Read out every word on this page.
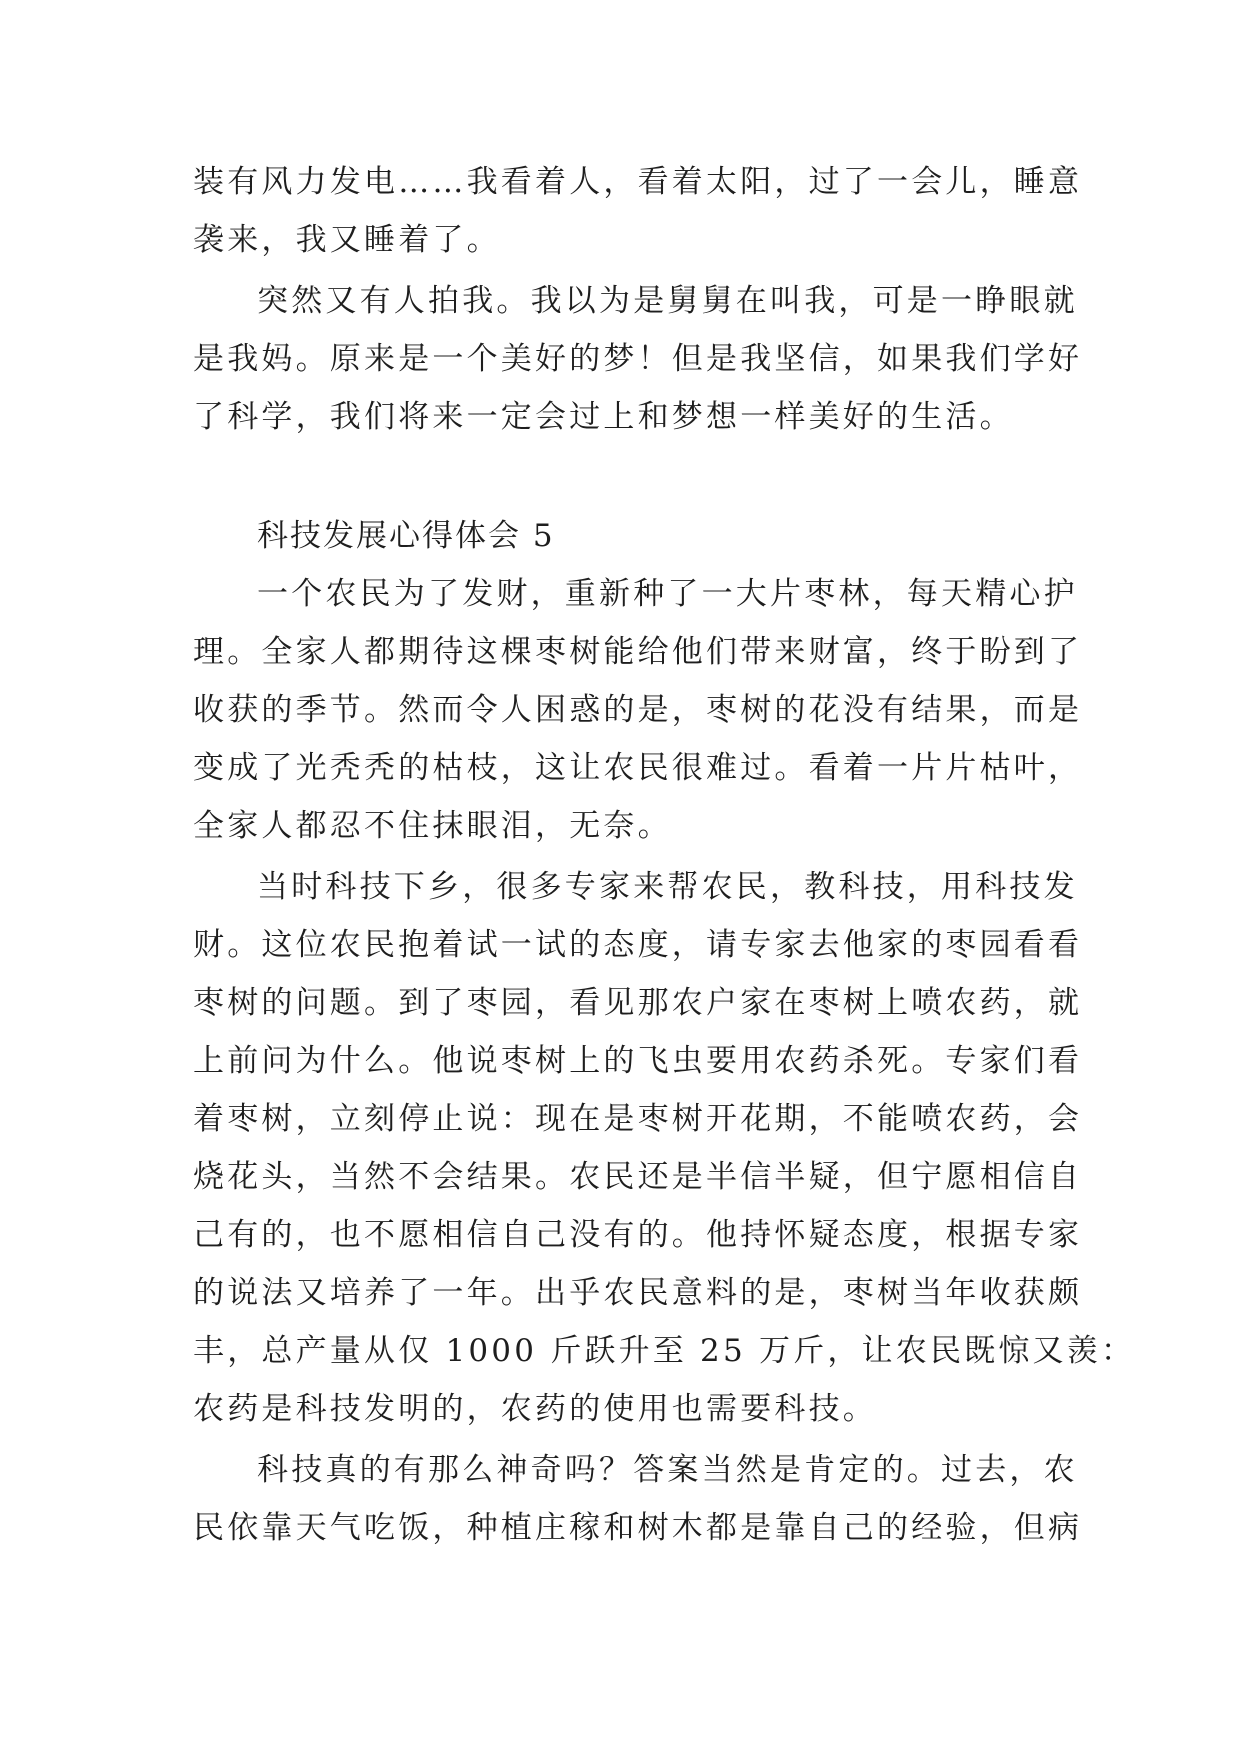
装有风力发电……我看着人，看着太阳，过了一会儿，睡意
袭来，我又睡着了。
突然又有人拍我。我以为是舅舅在叫我，可是一睁眼就
是我妈。原来是一个美好的梦！但是我坚信，如果我们学好
了科学，我们将来一定会过上和梦想一样美好的生活。
科技发展心得体会 5
一个农民为了发财，重新种了一大片枣林，每天精心护
理。全家人都期待这棵枣树能给他们带来财富，终于盼到了
收获的季节。然而令人困惑的是，枣树的花没有结果，而是
变成了光秃秃的枯枝，这让农民很难过。看着一片片枯叶，
全家人都忍不住抹眼泪，无奈。
当时科技下乡，很多专家来帮农民，教科技，用科技发
财。这位农民抱着试一试的态度，请专家去他家的枣园看看
枣树的问题。到了枣园，看见那农户家在枣树上喷农药，就
上前问为什么。他说枣树上的飞虫要用农药杀死。专家们看
着枣树，立刻停止说：现在是枣树开花期，不能喷农药，会
烧花头，当然不会结果。农民还是半信半疑，但宁愿相信自
己有的，也不愿相信自己没有的。他持怀疑态度，根据专家
的说法又培养了一年。出乎农民意料的是，枣树当年收获颇
丰，总产量从仅 1000 斤跃升至 25 万斤，让农民既惊又羡：
农药是科技发明的，农药的使用也需要科技。
科技真的有那么神奇吗？答案当然是肯定的。过去，农
民依靠天气吃饭，种植庄稼和树木都是靠自己的经验，但病
